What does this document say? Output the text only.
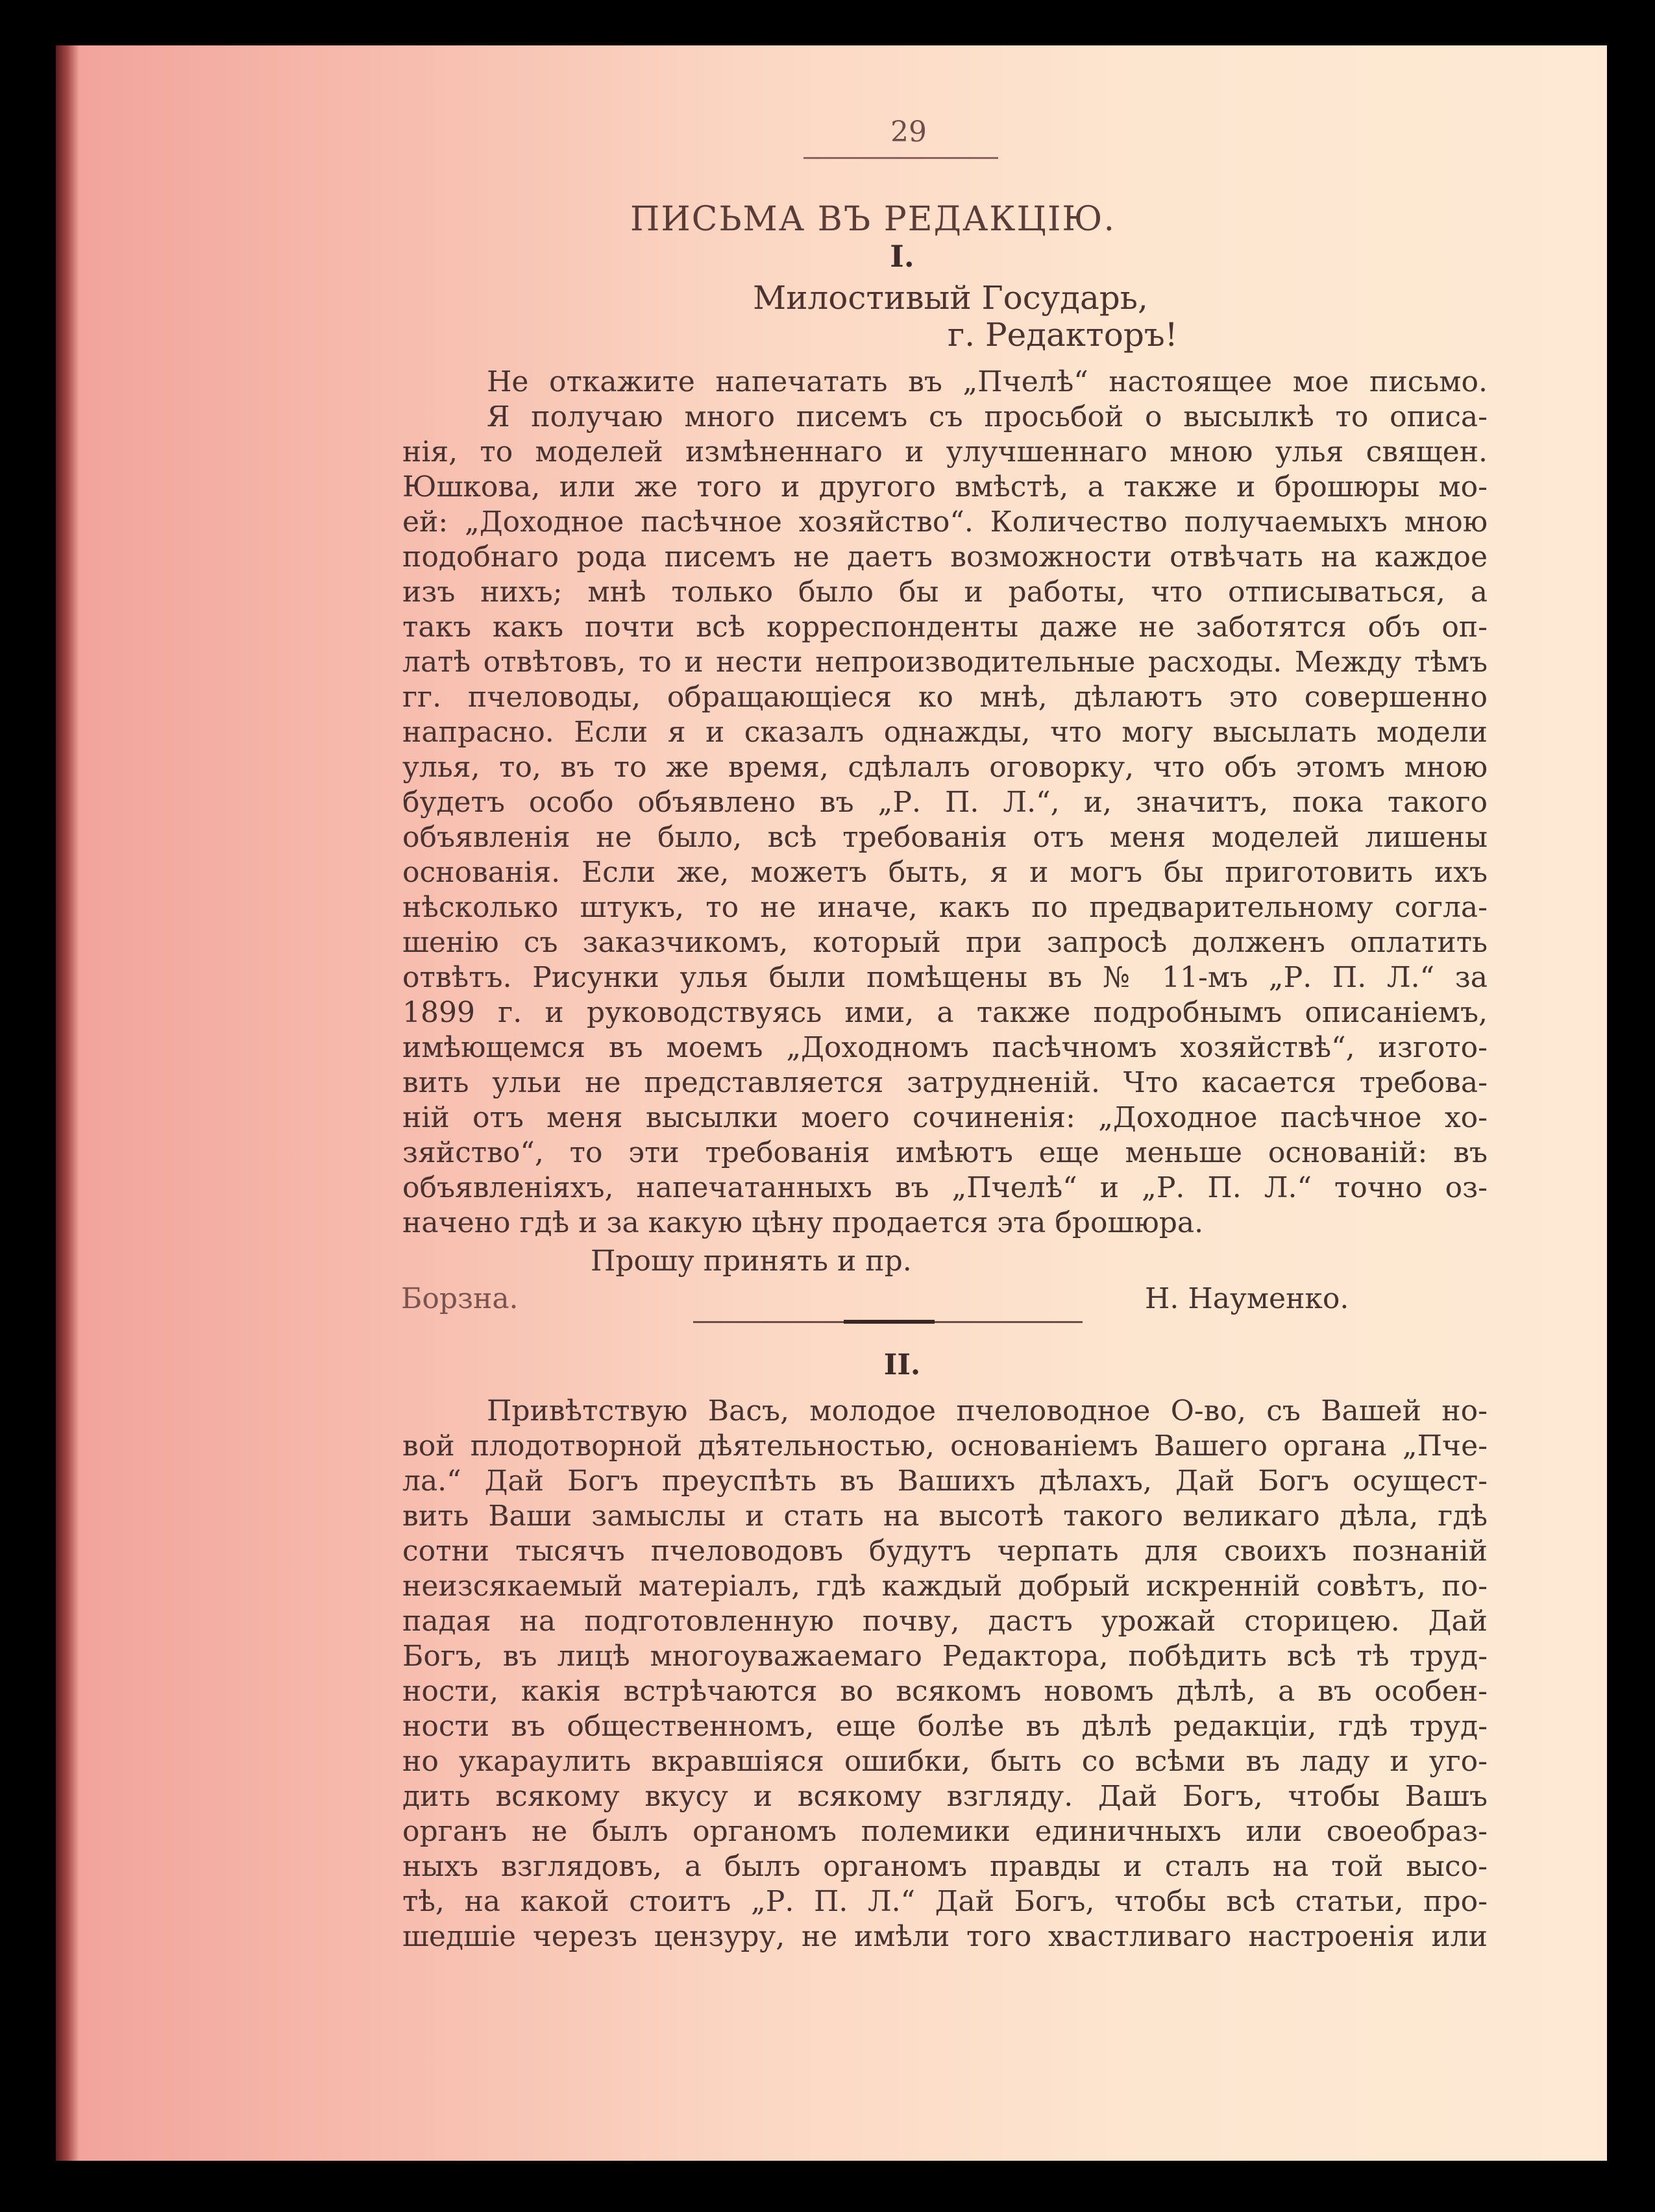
29
ПИСЬМА ВЪ РЕДАКЦІЮ.
I.
Милостивый Государь,
г. Редакторъ!
Не откажите напечатать въ „Пчелѣ“ настоящее мое письмо.
Я получаю много писемъ съ просьбой о высылкѣ то описа-
нія, то моделей измѣненнаго и улучшеннаго мною улья священ.
Юшкова, или же того и другого вмѣстѣ, а также и брошюры мо-
ей: „Доходное пасѣчное хозяйство“. Количество получаемыхъ мною
подобнаго рода писемъ не даетъ возможности отвѣчать на каждое
изъ нихъ; мнѣ только было бы и работы, что отписываться, а
такъ какъ почти всѣ корреспонденты даже не заботятся объ оп-
латѣ отвѣтовъ, то и нести непроизводительные расходы. Между тѣмъ
гг. пчеловоды, обращающіеся ко мнѣ, дѣлаютъ это совершенно
напрасно. Если я и сказалъ однажды, что могу высылать модели
улья, то, въ то же время, сдѣлалъ оговорку, что объ этомъ мною
будетъ особо объявлено въ „Р. П. Л.“, и, значитъ, пока такого
объявленія не было, всѣ требованія отъ меня моделей лишены
основанія. Если же, можетъ быть, я и могъ бы приготовить ихъ
нѣсколько штукъ, то не иначе, какъ по предварительному согла-
шенію съ заказчикомъ, который при запросѣ долженъ оплатить
отвѣтъ. Рисунки улья были помѣщены въ № 11-мъ „Р. П. Л.“ за
1899 г. и руководствуясь ими, а также подробнымъ описаніемъ,
имѣющемся въ моемъ „Доходномъ пасѣчномъ хозяйствѣ“, изгото-
вить ульи не представляется затрудненій. Что касается требова-
ній отъ меня высылки моего сочиненія: „Доходное пасѣчное хо-
зяйство“, то эти требованія имѣютъ еще меньше основаній: въ
объявленіяхъ, напечатанныхъ въ „Пчелѣ“ и „Р. П. Л.“ точно оз-
начено гдѣ и за какую цѣну продается эта брошюра.
Прошу принять и пр.
Борзна.	Н. Науменко.
II.
Привѣтствую Васъ, молодое пчеловодное О-во, съ Вашей но-
вой плодотворной дѣятельностью, основаніемъ Вашего органа „Пче-
ла.“ Дай Богъ преуспѣть въ Вашихъ дѣлахъ, Дай Богъ осущест-
вить Ваши замыслы и стать на высотѣ такого великаго дѣла, гдѣ
сотни тысячъ пчеловодовъ будутъ черпать для своихъ познаній
неизсякаемый матеріалъ, гдѣ каждый добрый искренній совѣтъ, по-
падая на подготовленную почву, дастъ урожай сторицею. Дай
Богъ, въ лицѣ многоуважаемаго Редактора, побѣдить всѣ тѣ труд-
ности, какія встрѣчаются во всякомъ новомъ дѣлѣ, а въ особен-
ности въ общественномъ, еще болѣе въ дѣлѣ редакціи, гдѣ труд-
но укараулить вкравшіяся ошибки, быть со всѣми въ ладу и уго-
дить всякому вкусу и всякому взгляду. Дай Богъ, чтобы Вашъ
органъ не былъ органомъ полемики единичныхъ или своеобраз-
ныхъ взглядовъ, а былъ органомъ правды и сталъ на той высо-
тѣ, на какой стоитъ „Р. П. Л.“ Дай Богъ, чтобы всѣ статьи, про-
шедшіе черезъ цензуру, не имѣли того хвастливаго настроенія или
